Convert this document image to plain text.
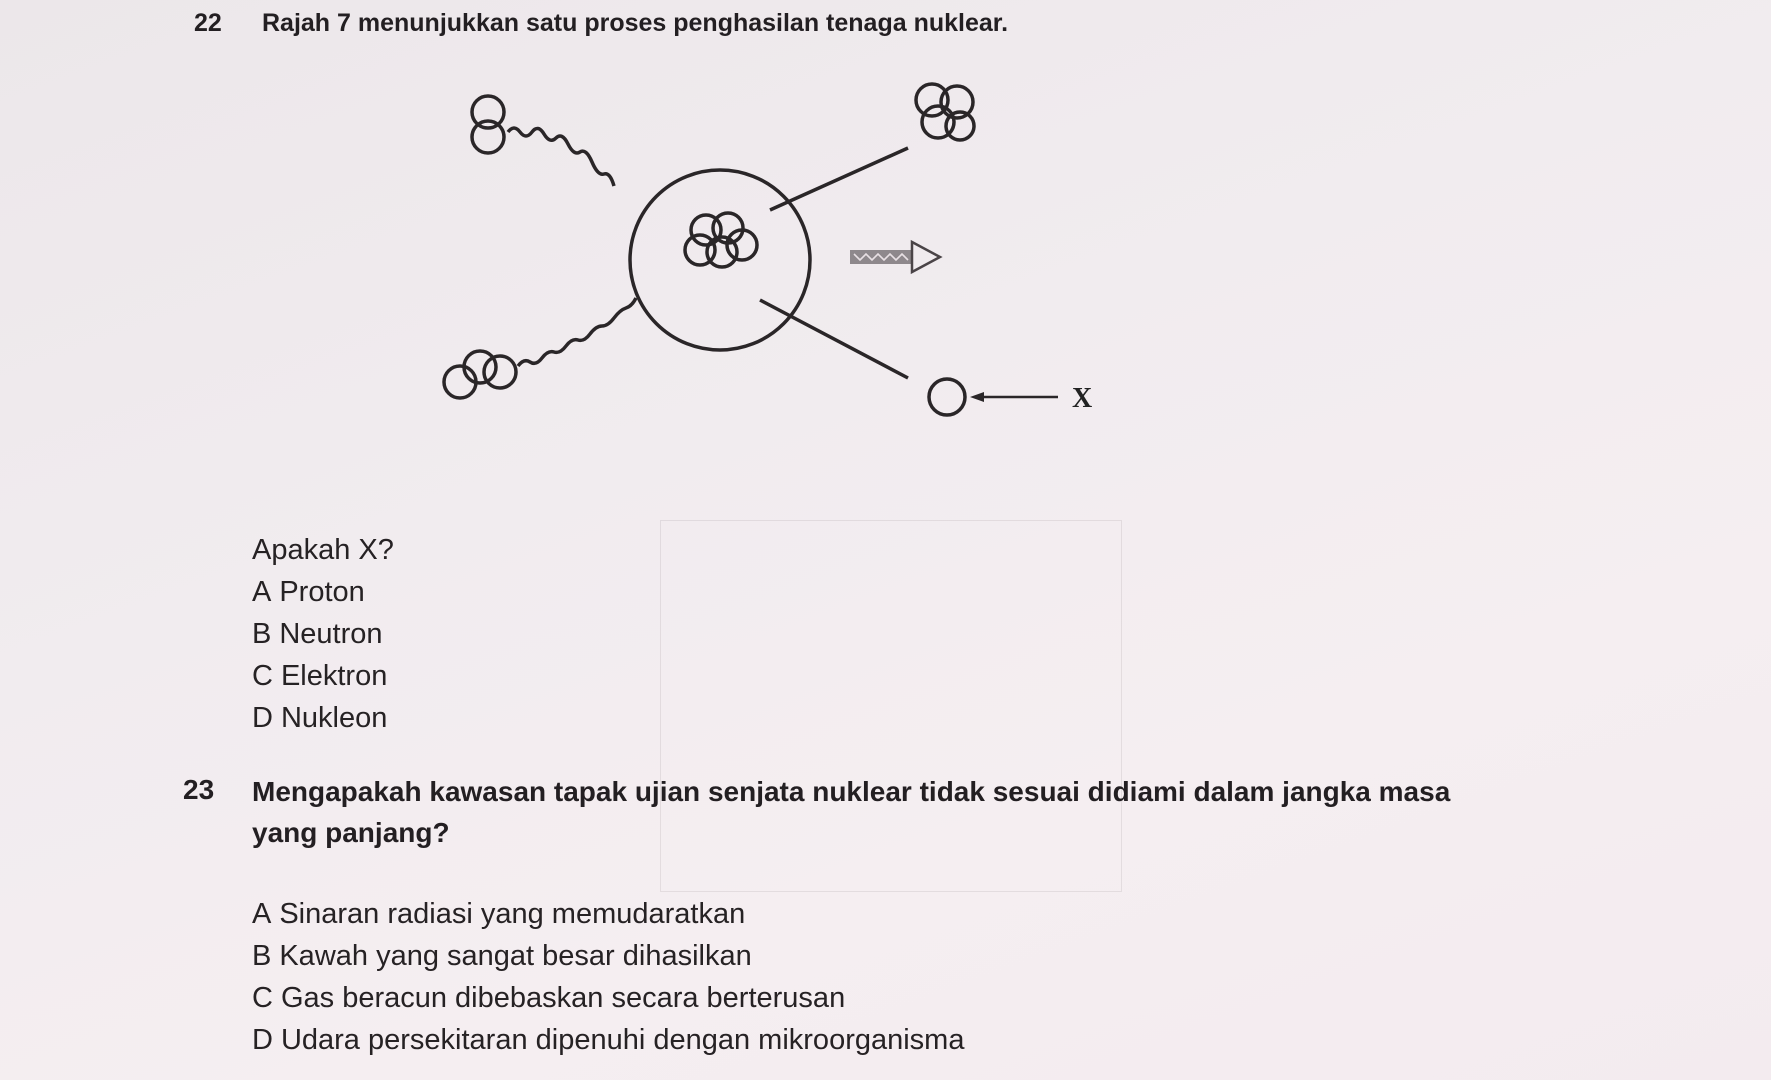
22 Rajah 7 menunjukkan satu proses penghasilan tenaga nuklear.
X
Apakah X?
A Proton
B Neutron
C Elektron
D Nukleon
23 Mengapakah kawasan tapak ujian senjata nuklear tidak sesuai didiami dalam jangka masa yang panjang?
A Sinaran radiasi yang memudaratkan
B Kawah yang sangat besar dihasilkan
C Gas beracun dibebaskan secara berterusan
D Udara persekitaran dipenuhi dengan mikroorganisma
